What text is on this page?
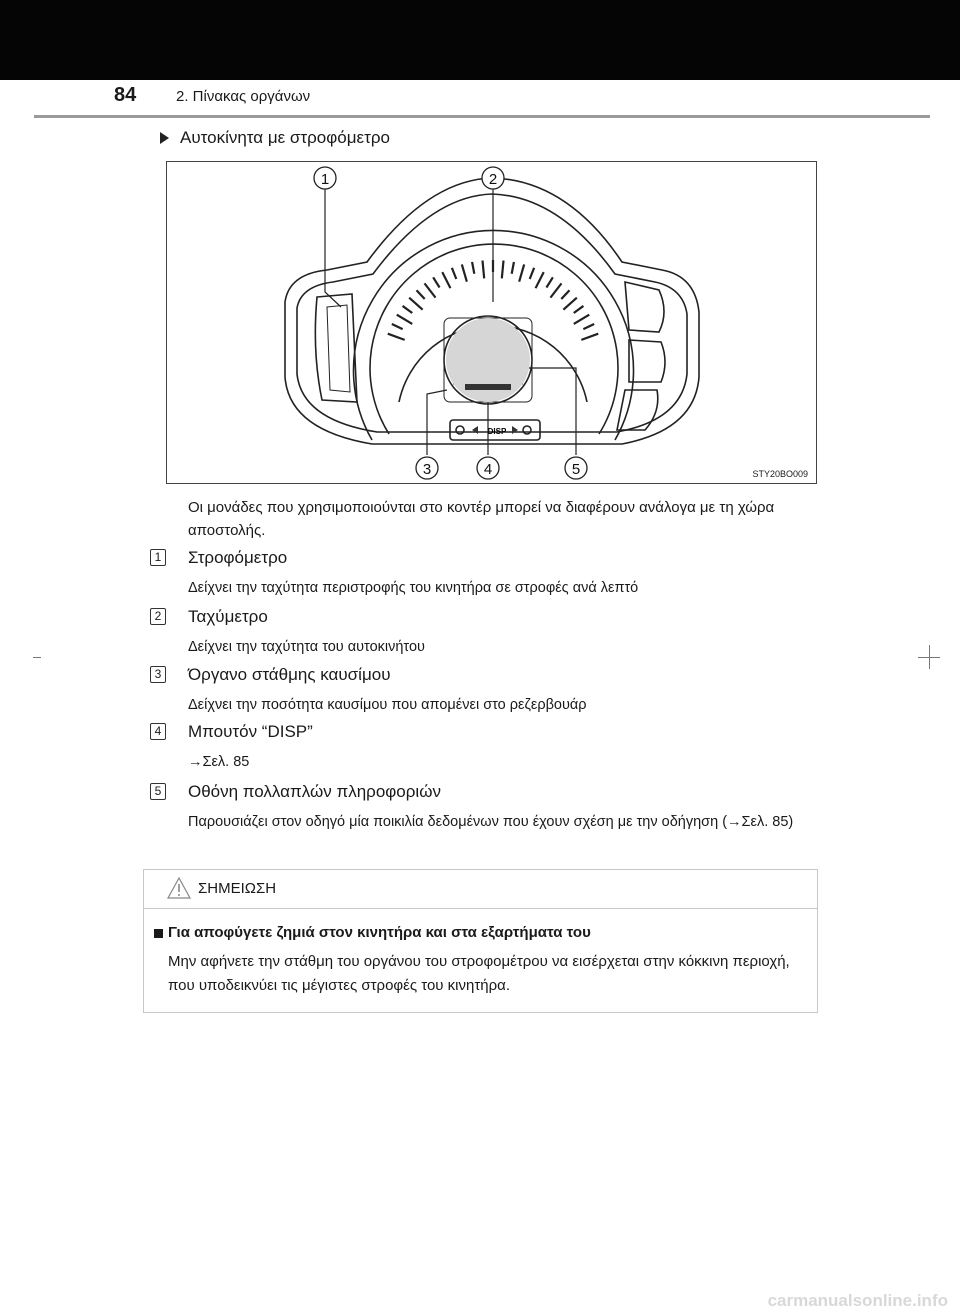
84	2. Πίνακας οργάνων
Αυτοκίνητα με στροφόμετρο
DISP
1	2
3	4	5	STY20BO009
Οι μονάδες που χρησιμοποιούνται στο κοντέρ μπορεί να διαφέρουν ανάλογα με τη χώρα αποστολής.
1 Στροφόμετρο
Δείχνει την ταχύτητα περιστροφής του κινητήρα σε στροφές ανά λεπτό
2 Ταχύμετρο
Δείχνει την ταχύτητα του αυτοκινήτου
3 Όργανο στάθμης καυσίμου
Δείχνει την ποσότητα καυσίμου που απομένει στο ρεζερβουάρ
4 Μπουτόν “DISP”
→Σελ. 85
5 Οθόνη πολλαπλών πληροφοριών
Παρουσιάζει στον οδηγό μία ποικιλία δεδομένων που έχουν σχέση με την οδήγηση (→Σελ. 85)
ΣΗΜΕΙΩΣΗ
Για αποφύγετε ζημιά στον κινητήρα και στα εξαρτήματα του
Μην αφήνετε την στάθμη του οργάνου του στροφομέτρου να εισέρχεται στην κόκκινη περιοχή, που υποδεικνύει τις μέγιστες στροφές του κινητήρα.
carmanualsonline.info
